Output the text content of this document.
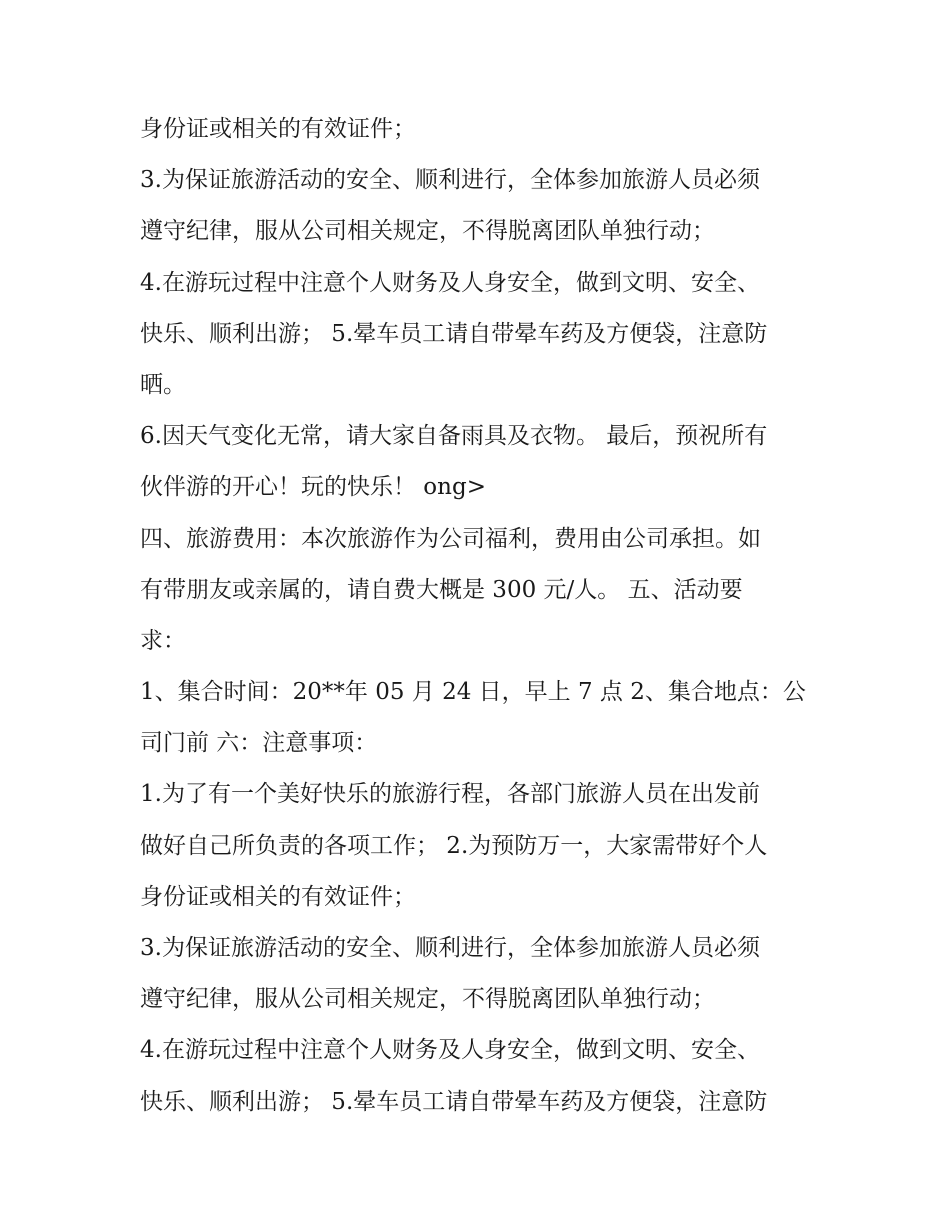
身份证或相关的有效证件；
3.为保证旅游活动的安全、顺利进行，全体参加旅游人员必须
遵守纪律，服从公司相关规定，不得脱离团队单独行动；
4.在游玩过程中注意个人财务及人身安全，做到文明、安全、
快乐、顺利出游； 5.晕车员工请自带晕车药及方便袋，注意防
晒。
6.因天气变化无常，请大家自备雨具及衣物。 最后，预祝所有
伙伴游的开心！玩的快乐！ ong>
四、旅游费用：本次旅游作为公司福利，费用由公司承担。如
有带朋友或亲属的，请自费大概是 300 元/人。 五、活动要
求：
1、集合时间：20**年 05 月 24 日，早上 7 点 2、集合地点：公
司门前 六：注意事项：
1.为了有一个美好快乐的旅游行程，各部门旅游人员在出发前
做好自己所负责的各项工作； 2.为预防万一，大家需带好个人
身份证或相关的有效证件；
3.为保证旅游活动的安全、顺利进行，全体参加旅游人员必须
遵守纪律，服从公司相关规定，不得脱离团队单独行动；
4.在游玩过程中注意个人财务及人身安全，做到文明、安全、
快乐、顺利出游； 5.晕车员工请自带晕车药及方便袋，注意防
